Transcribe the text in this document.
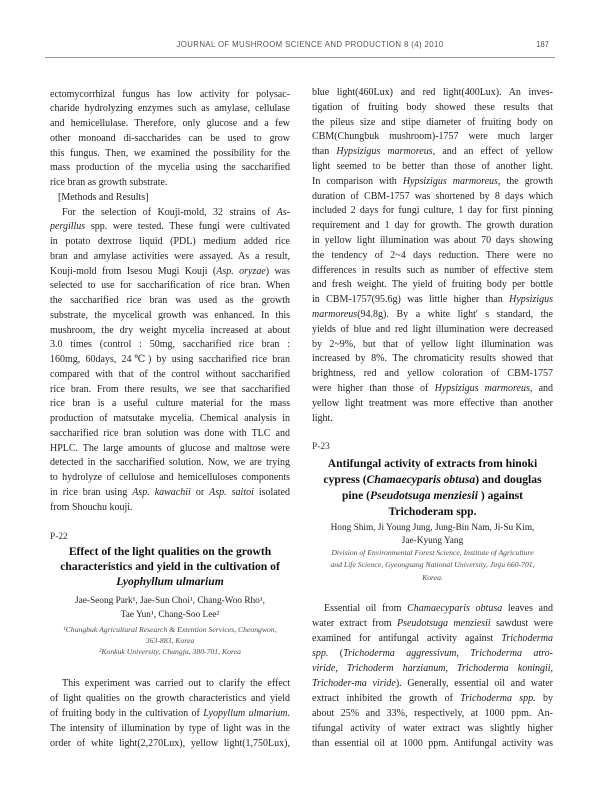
JOURNAL OF MUSHROOM SCIENCE AND PRODUCTION 8 (4) 2010	187
ectomycorrhizal fungus has low activity for polysac-
charide hydrolyzing enzymes such as amylase, cellulase
and hemicellulase. Therefore, only glucose and a few
other monoand di-saccharides can be used to grow
this fungus. Then, we examined the possibility for the
mass production of the mycelia using the saccharified
rice bran as growth substrate.
[Methods and Results]
For the selection of Kouji-mold, 32 strains of As-
pergillus spp. were tested. These fungi were cultivated
in potato dextrose liquid (PDL) medium added rice
bran and amylase activities were assayed. As a result,
Kouji-mold from Isesou Mugi Kouji (Asp. oryzae) was
selected to use for saccharification of rice bran. When
the saccharified rice bran was used as the growth
substrate, the mycelical growth was enhanced. In this
mushroom, the dry weight mycelia increased at about
3.0 times (control : 50mg, saccharified rice bran :
160mg, 60days, 24℃) by using saccharified rice bran
compared with that of the control without saccharified
rice bran. From there results, we see that saccharified
rice bran is a useful culture material for the mass
production of matsutake mycelia. Chemical analysis in
saccharified rice bran solution was done with TLC and
HPLC. The large amounts of glucose and maltose were
detected in the saccharified solution. Now, we are trying
to hydrolyze of cellulose and hemicelluloses components
in rice bran using Asp. kawachii or Asp. saitoi isolated
from Shouchu kouji.
P-22
Effect of the light qualities on the growth
characteristics and yield in the cultivation of
Lyophyllum ulmarium
Jae-Seong Park¹, Jae-Sun Choi¹, Chang-Woo Rho¹,
Tae Yun¹, Chang-Soo Lee²
¹Chungbuk Agricultural Research & Extention Services, Cheongwon,
363-883, Korea
²Konkuk University, Chungju, 380-701, Korea
This experiment was carried out to clarify the effect
of light qualities on the growth characteristics and yield
of fruiting body in the cultivation of Lyopyllum ulmarium.
The intensity of illumination by type of light was in the
order of white light(2,270Lux), yellow light(1,750Lux),
blue light(460Lux) and red light(400Lux). An inves-
tigation of fruiting body showed these results that
the pileus size and stipe diameter of fruiting body on
CBM(Chungbuk mushroom)-1757 were much larger
than Hypsizigus marmoreus, and an effect of yellow
light seemed to be better than those of another light.
In comparison with Hypsizigus marmoreus, the growth
duration of CBM-1757 was shortened by 8 days which
included 2 days for fungi culture, 1 day for first pinning
requirement and 1 day for growth. The growth duration
in yellow light illumination was about 70 days showing
the tendency of 2~4 days reduction. There were no
differences in results such as number of effective stem
and fresh weight. The yield of fruiting body per bottle
in CBM-1757(95.6g) was little higher than Hypsizigus
marmoreus(94.8g). By a white light' s standard, the
yields of blue and red light illumination were decreased
by 2~9%, but that of yellow light illumination was
increased by 8%. The chromaticity results showed that
brightness, red and yellow coloration of CBM-1757
were higher than those of Hypsizigus marmoreus, and
yellow light treatment was more effective than another
light.
P-23
Antifungal activity of extracts from hinoki
cypress (Chamaecyparis obtusa) and douglas
pine (Pseudotsuga menziesii ) against
Trichoderam spp.
Hong Shim, Ji Young Jung, Jung-Bin Nam, Ji-Su Kim,
Jae-Kyung Yang
Division of Environmental Forest Science, Institute of Agriculture
and Life Science, Gyeongsang National University, Jinju 660-701,
Korea.
Essential oil from Chamaecyparis obtusa leaves and
water extract from Pseudotsuga menziesii sawdust were
examined for antifungal activity against Trichoderma
spp. (Trichoderma aggressivum, Trichoderma atro-
viride, Trichoderm harzianum, Trichoderma koningii,
Trichoder-ma viride). Generally, essential oil and water
extract inhibited the growth of Trichoderma spp. by
about 25% and 33%, respectively, at 1000 ppm. An-
tifungal activity of water extract was slightly higher
than essential oil at 1000 ppm. Antifungal activity was
